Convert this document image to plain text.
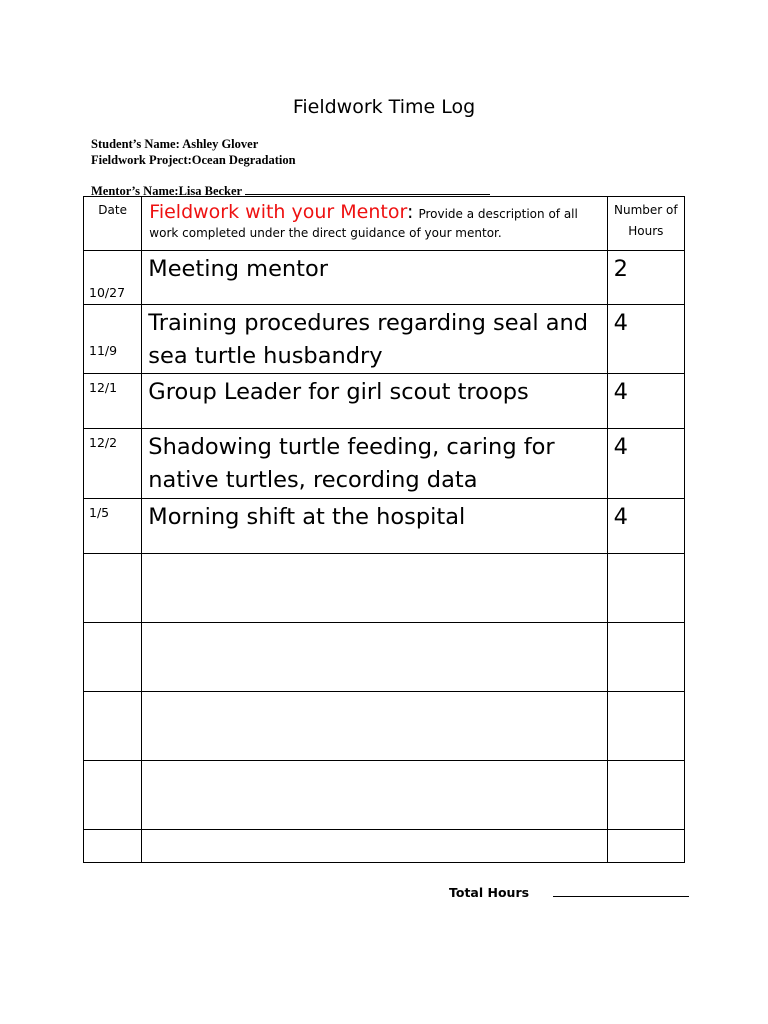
Fieldwork Time Log
Student’s Name: Ashley Glover
Fieldwork Project:Ocean Degradation
Mentor’s Name:Lisa Becker
Date	Fieldwork with your Mentor: Provide a description of all work completed under the direct guidance of your mentor.	Number of Hours

10/27	Meeting mentor	2

11/9	Training procedures regarding seal and sea turtle husbandry	4

12/1	Group Leader for girl scout troops	4

12/2	Shadowing turtle feeding, caring for native turtles, recording data	4

1/5	Morning shift at the hospital	4

Total Hours
